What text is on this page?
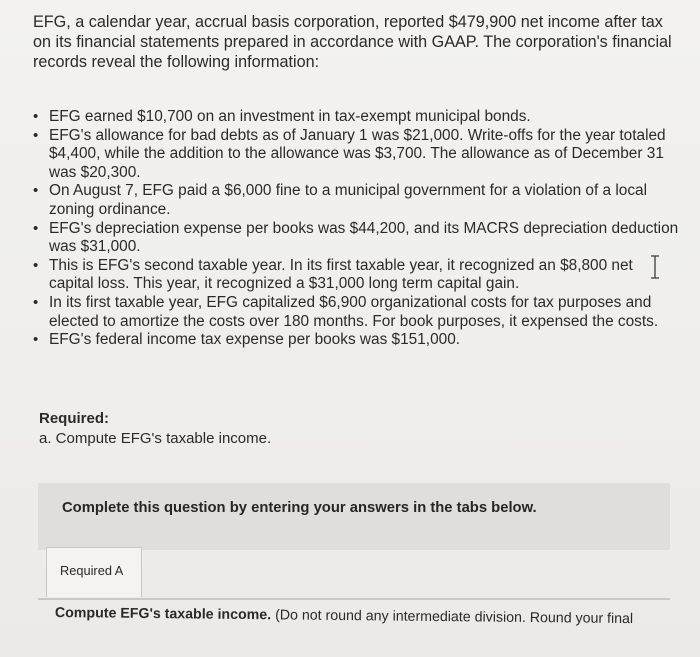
EFG, a calendar year, accrual basis corporation, reported $479,900 net income after tax on its financial statements prepared in accordance with GAAP. The corporation's financial records reveal the following information:
• EFG earned $10,700 on an investment in tax-exempt municipal bonds.
• EFG's allowance for bad debts as of January 1 was $21,000. Write-offs for the year totaled $4,400, while the addition to the allowance was $3,700. The allowance as of December 31 was $20,300.
• On August 7, EFG paid a $6,000 fine to a municipal government for a violation of a local zoning ordinance.
• EFG's depreciation expense per books was $44,200, and its MACRS depreciation deduction was $31,000.
• This is EFG's second taxable year. In its first taxable year, it recognized an $8,800 net capital loss. This year, it recognized a $31,000 long term capital gain.
• In its first taxable year, EFG capitalized $6,900 organizational costs for tax purposes and elected to amortize the costs over 180 months. For book purposes, it expensed the costs.
• EFG's federal income tax expense per books was $151,000.
Required:
a. Compute EFG's taxable income.
Complete this question by entering your answers in the tabs below.
Required A
Compute EFG's taxable income. (Do not round any intermediate division. Round your final
